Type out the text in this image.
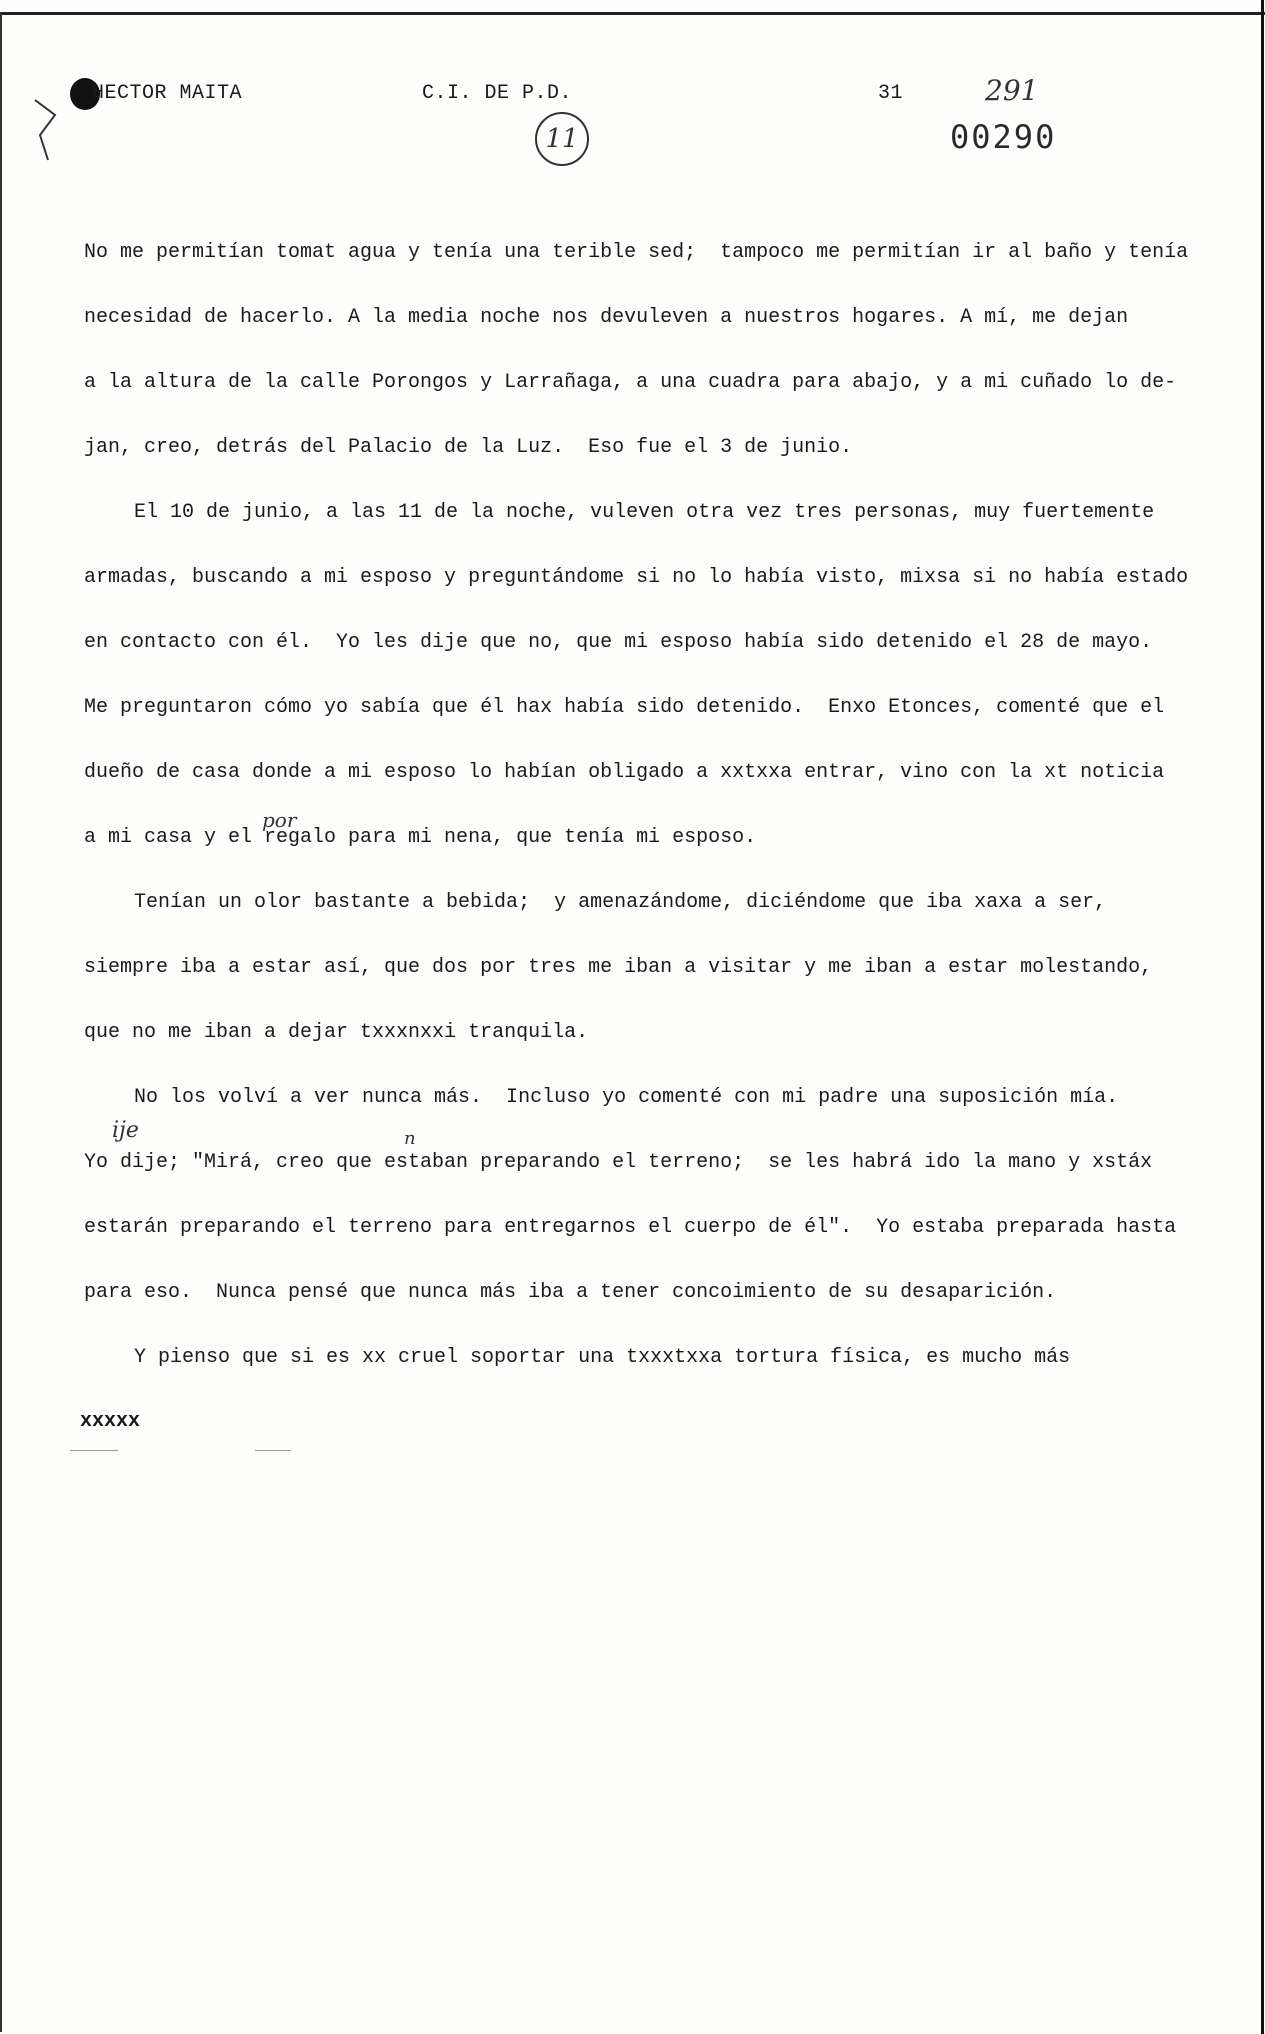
HECTOR MAITA	C.I. DE P.D.	31	291
00290
11
No me permitían tomat agua y tenía una terible sed;  tampoco me permitían ir al baño y tenía
necesidad de hacerlo. A la media noche nos devuleven a nuestros hogares. A mí, me dejan
a la altura de la calle Porongos y Larrañaga, a una cuadra para abajo, y a mi cuñado lo de-
jan, creo, detrás del Palacio de la Luz.  Eso fue el 3 de junio.
El 10 de junio, a las 11 de la noche, vuleven otra vez tres personas, muy fuertemente
armadas, buscando a mi esposo y preguntándome si no lo había visto, mixsa si no había estado
en contacto con él.  Yo les dije que no, que mi esposo había sido detenido el 28 de mayo.
Me preguntaron cómo yo sabía que él hax había sido detenido.  Enxo Etonces, comenté que el
dueño de casa donde a mi esposo lo habían obligado a xxtxxa entrar, vino con la xt noticia
a mi casa y el regalo para mi nena, que tenía mi esposo.
Tenían un olor bastante a bebida;  y amenazándome, diciéndome que iba xaxa a ser,
siempre iba a estar así, que dos por tres me iban a visitar y me iban a estar molestando,
que no me iban a dejar txxxnxxi tranquila.
No los volví a ver nunca más.  Incluso yo comenté con mi padre una suposición mía.
Yo dije; "Mirá, creo que estaban preparando el terreno;  se les habrá ido la mano y xstáx
estarán preparando el terreno para entregarnos el cuerpo de él".  Yo estaba preparada hasta
para eso.  Nunca pensé que nunca más iba a tener concoimiento de su desaparición.
Y pienso que si es xx cruel soportar una txxxtxxa tortura física, es mucho más
por
ije	n
xxxxx
